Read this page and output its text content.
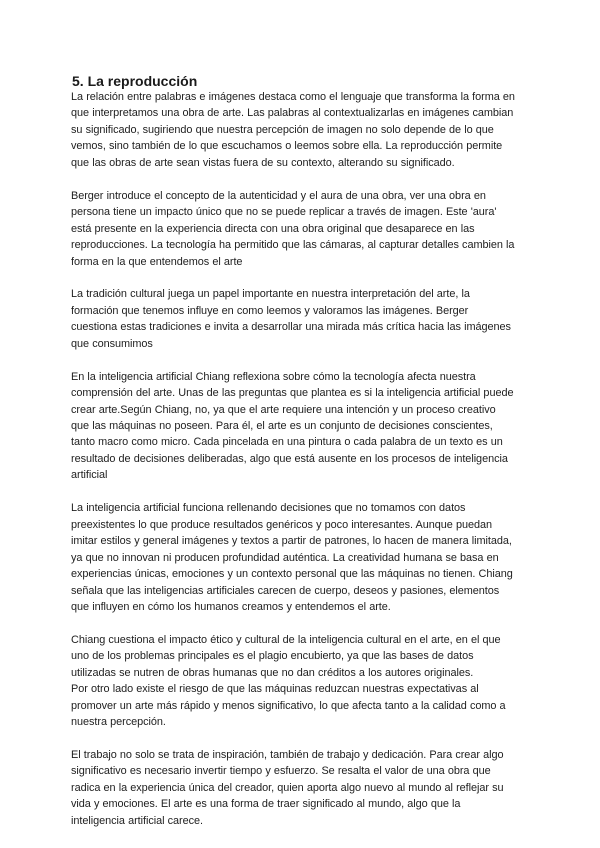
5. La reproducción
La relación entre palabras e imágenes destaca como el lenguaje que transforma la forma en
que interpretamos una obra de arte. Las palabras al contextualizarlas en imágenes cambian
su significado, sugiriendo que nuestra percepción de imagen no solo depende de lo que
vemos, sino también de lo que escuchamos o leemos sobre ella. La reproducción permite
que las obras de arte sean vistas fuera de su contexto, alterando su significado.
Berger introduce el concepto de la autenticidad y el aura de una obra, ver una obra en
persona tiene un impacto único que no se puede replicar a través de imagen. Este 'aura'
está presente en la experiencia directa con una obra original que desaparece en las
reproducciones. La tecnología ha permitido que las cámaras, al capturar detalles cambien la
forma en la que entendemos el arte
La tradición cultural juega un papel importante en nuestra interpretación del arte, la
formación que tenemos influye en como leemos y valoramos las imágenes. Berger
cuestiona estas tradiciones e invita a desarrollar una mirada más crítica hacia las imágenes
que consumimos
En la inteligencia artificial Chiang reflexiona sobre cómo la tecnología afecta nuestra
comprensión del arte. Unas de las preguntas que plantea es si la inteligencia artificial puede
crear arte.Según Chiang, no, ya que el arte requiere una intención y un proceso creativo
que las máquinas no poseen. Para él, el arte es un conjunto de decisiones conscientes,
tanto macro como micro. Cada pincelada en una pintura o cada palabra de un texto es un
resultado de decisiones deliberadas, algo que está ausente en los procesos de inteligencia
artificial
La inteligencia artificial funciona rellenando decisiones que no tomamos con datos
preexistentes lo que produce resultados genéricos y poco interesantes. Aunque puedan
imitar estilos y general imágenes y textos a partir de patrones, lo hacen de manera limitada,
ya que no innovan ni producen profundidad auténtica. La creatividad humana se basa en
experiencias únicas, emociones y un contexto personal que las máquinas no tienen. Chiang
señala que las inteligencias artificiales carecen de cuerpo, deseos y pasiones, elementos
que influyen en cómo los humanos creamos y entendemos el arte.
Chiang cuestiona el impacto ético y cultural de la inteligencia cultural en el arte, en el que
uno de los problemas principales es el plagio encubierto, ya que las bases de datos
utilizadas se nutren de obras humanas que no dan créditos a los autores originales.
Por otro lado existe el riesgo de que las máquinas reduzcan nuestras expectativas al
promover un arte más rápido y menos significativo, lo que afecta tanto a la calidad como a
nuestra percepción.
El trabajo no solo se trata de inspiración, también de trabajo y dedicación. Para crear algo
significativo es necesario invertir tiempo y esfuerzo. Se resalta el valor de una obra que
radica en la experiencia única del creador, quien aporta algo nuevo al mundo al reflejar su
vida y emociones. El arte es una forma de traer significado al mundo, algo que la
inteligencia artificial carece.
